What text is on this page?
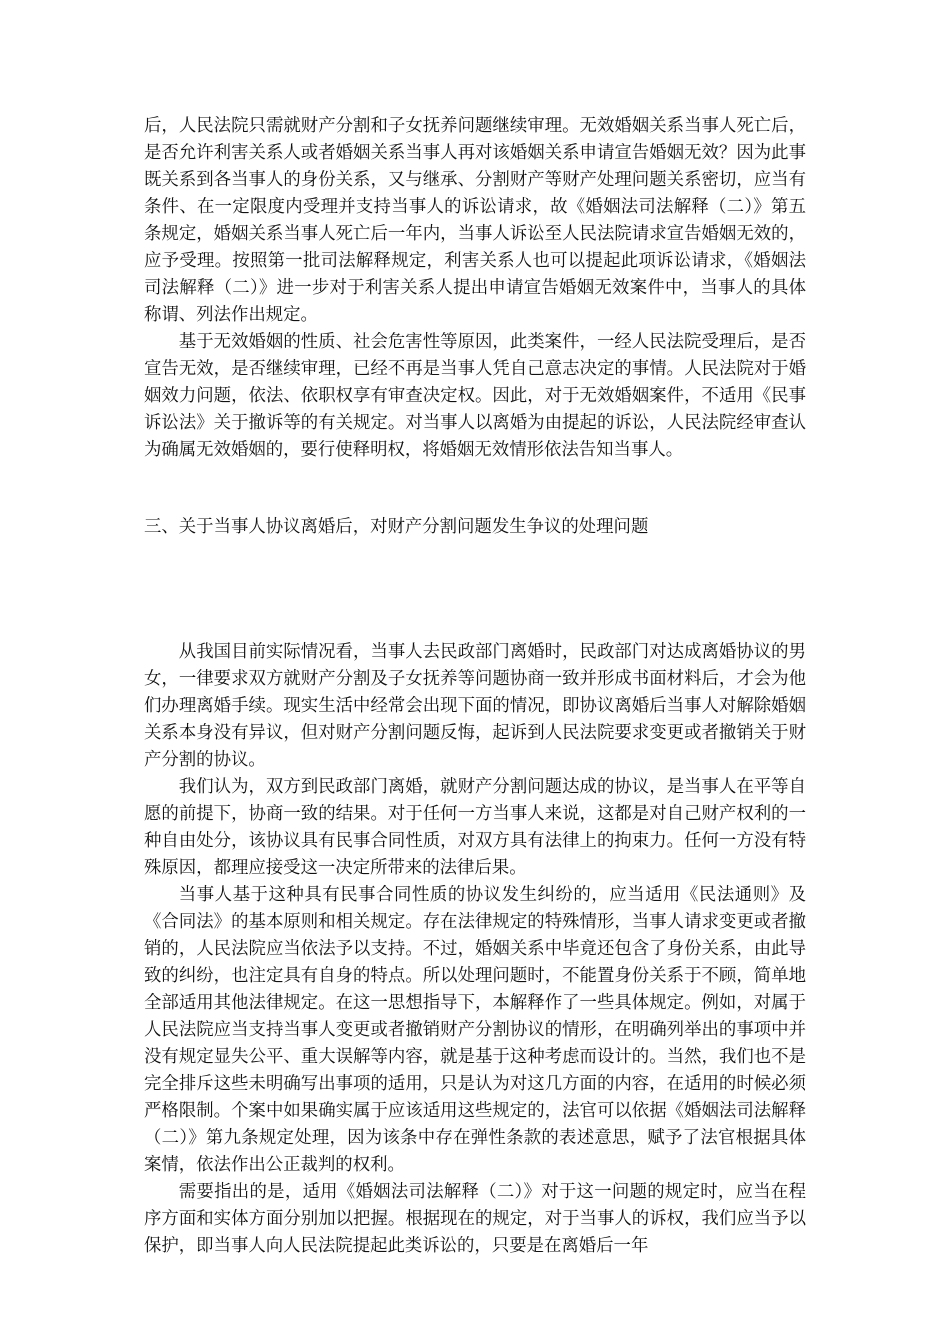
后，人民法院只需就财产分割和子女抚养问题继续审理。无效婚姻关系当事人死亡后，是否允许利害关系人或者婚姻关系当事人再对该婚姻关系申请宣告婚姻无效？因为此事既关系到各当事人的身份关系，又与继承、分割财产等财产处理问题关系密切，应当有条件、在一定限度内受理并支持当事人的诉讼请求，故《婚姻法司法解释（二）》第五条规定，婚姻关系当事人死亡后一年内，当事人诉讼至人民法院请求宣告婚姻无效的，应予受理。按照第一批司法解释规定，利害关系人也可以提起此项诉讼请求，《婚姻法司法解释（二）》进一步对于利害关系人提出申请宣告婚姻无效案件中，当事人的具体称谓、列法作出规定。

基于无效婚姻的性质、社会危害性等原因，此类案件，一经人民法院受理后，是否宣告无效，是否继续审理，已经不再是当事人凭自己意志决定的事情。人民法院对于婚姻效力问题，依法、依职权享有审查决定权。因此，对于无效婚姻案件，不适用《民事诉讼法》关于撤诉等的有关规定。对当事人以离婚为由提起的诉讼，人民法院经审查认为确属无效婚姻的，要行使释明权，将婚姻无效情形依法告知当事人。

三、关于当事人协议离婚后，对财产分割问题发生争议的处理问题

从我国目前实际情况看，当事人去民政部门离婚时，民政部门对达成离婚协议的男女，一律要求双方就财产分割及子女抚养等问题协商一致并形成书面材料后，才会为他们办理离婚手续。现实生活中经常会出现下面的情况，即协议离婚后当事人对解除婚姻关系本身没有异议，但对财产分割问题反悔，起诉到人民法院要求变更或者撤销关于财产分割的协议。

我们认为，双方到民政部门离婚，就财产分割问题达成的协议，是当事人在平等自愿的前提下，协商一致的结果。对于任何一方当事人来说，这都是对自己财产权利的一种自由处分，该协议具有民事合同性质，对双方具有法律上的拘束力。任何一方没有特殊原因，都理应接受这一决定所带来的法律后果。

当事人基于这种具有民事合同性质的协议发生纠纷的，应当适用《民法通则》及《合同法》的基本原则和相关规定。存在法律规定的特殊情形，当事人请求变更或者撤销的，人民法院应当依法予以支持。不过，婚姻关系中毕竟还包含了身份关系，由此导致的纠纷，也注定具有自身的特点。所以处理问题时，不能置身份关系于不顾，简单地全部适用其他法律规定。在这一思想指导下，本解释作了一些具体规定。例如，对属于人民法院应当支持当事人变更或者撤销财产分割协议的情形，在明确列举出的事项中并没有规定显失公平、重大误解等内容，就是基于这种考虑而设计的。当然，我们也不是完全排斥这些未明确写出事项的适用，只是认为对这几方面的内容，在适用的时候必须严格限制。个案中如果确实属于应该适用这些规定的，法官可以依据《婚姻法司法解释（二）》第九条规定处理，因为该条中存在弹性条款的表述意思，赋予了法官根据具体案情，依法作出公正裁判的权利。

需要指出的是，适用《婚姻法司法解释（二）》对于这一问题的规定时，应当在程序方面和实体方面分别加以把握。根据现在的规定，对于当事人的诉权，我们应当予以保护，即当事人向人民法院提起此类诉讼的，只要是在离婚后一年
